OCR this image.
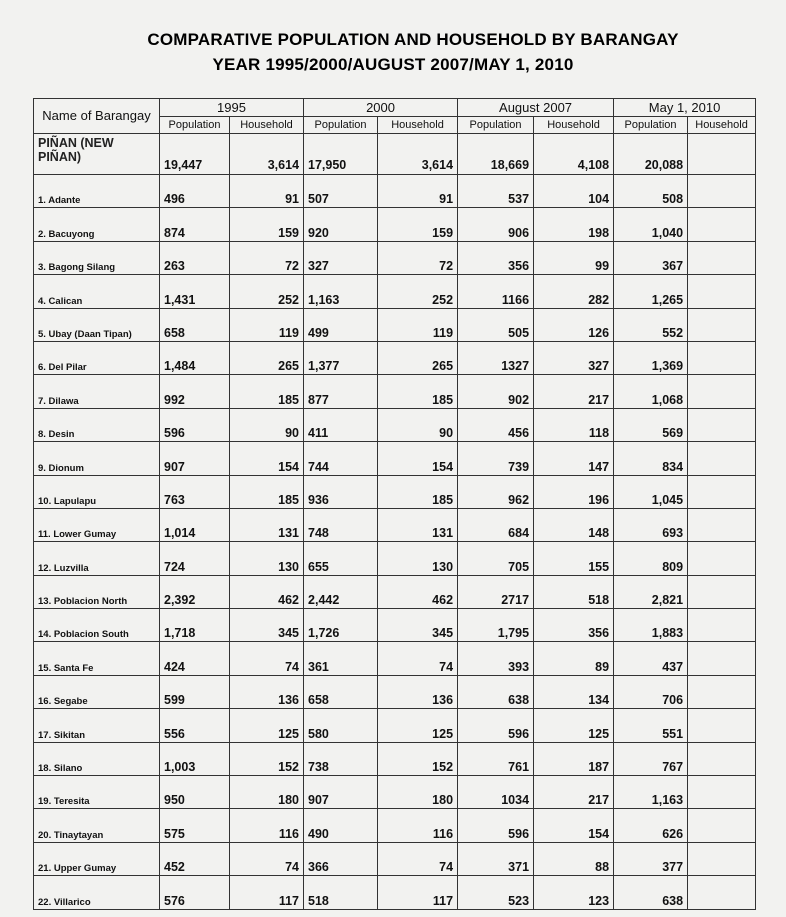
COMPARATIVE POPULATION AND HOUSEHOLD BY BARANGAY
YEAR 1995/2000/AUGUST 2007/MAY 1, 2010
Name of Barangay	1995		2000		August 2007		May 1, 2010	
	Population	Household	Population	Household	Population	Household	Population	Household
PIÑAN (NEW PIÑAN)	19,447	3,614	17,950	3,614	18,669	4,108	20,088	
1. Adante	496	91	507	91	537	104	508	
2. Bacuyong	874	159	920	159	906	198	1,040	
3. Bagong Silang	263	72	327	72	356	99	367	
4. Calican	1,431	252	1,163	252	1166	282	1,265	
5. Ubay (Daan Tipan)	658	119	499	119	505	126	552	
6. Del Pilar	1,484	265	1,377	265	1327	327	1,369	
7. Dilawa	992	185	877	185	902	217	1,068	
8. Desin	596	90	411	90	456	118	569	
9. Dionum	907	154	744	154	739	147	834	
10. Lapulapu	763	185	936	185	962	196	1,045	
11. Lower Gumay	1,014	131	748	131	684	148	693	
12. Luzvilla	724	130	655	130	705	155	809	
13. Poblacion North	2,392	462	2,442	462	2717	518	2,821	
14. Poblacion South	1,718	345	1,726	345	1,795	356	1,883	
15. Santa Fe	424	74	361	74	393	89	437	
16. Segabe	599	136	658	136	638	134	706	
17. Sikitan	556	125	580	125	596	125	551	
18. Silano	1,003	152	738	152	761	187	767	
19. Teresita	950	180	907	180	1034	217	1,163	
20. Tinaytayan	575	116	490	116	596	154	626	
21. Upper Gumay	452	74	366	74	371	88	377	
22. Villarico	576	117	518	117	523	123	638	
